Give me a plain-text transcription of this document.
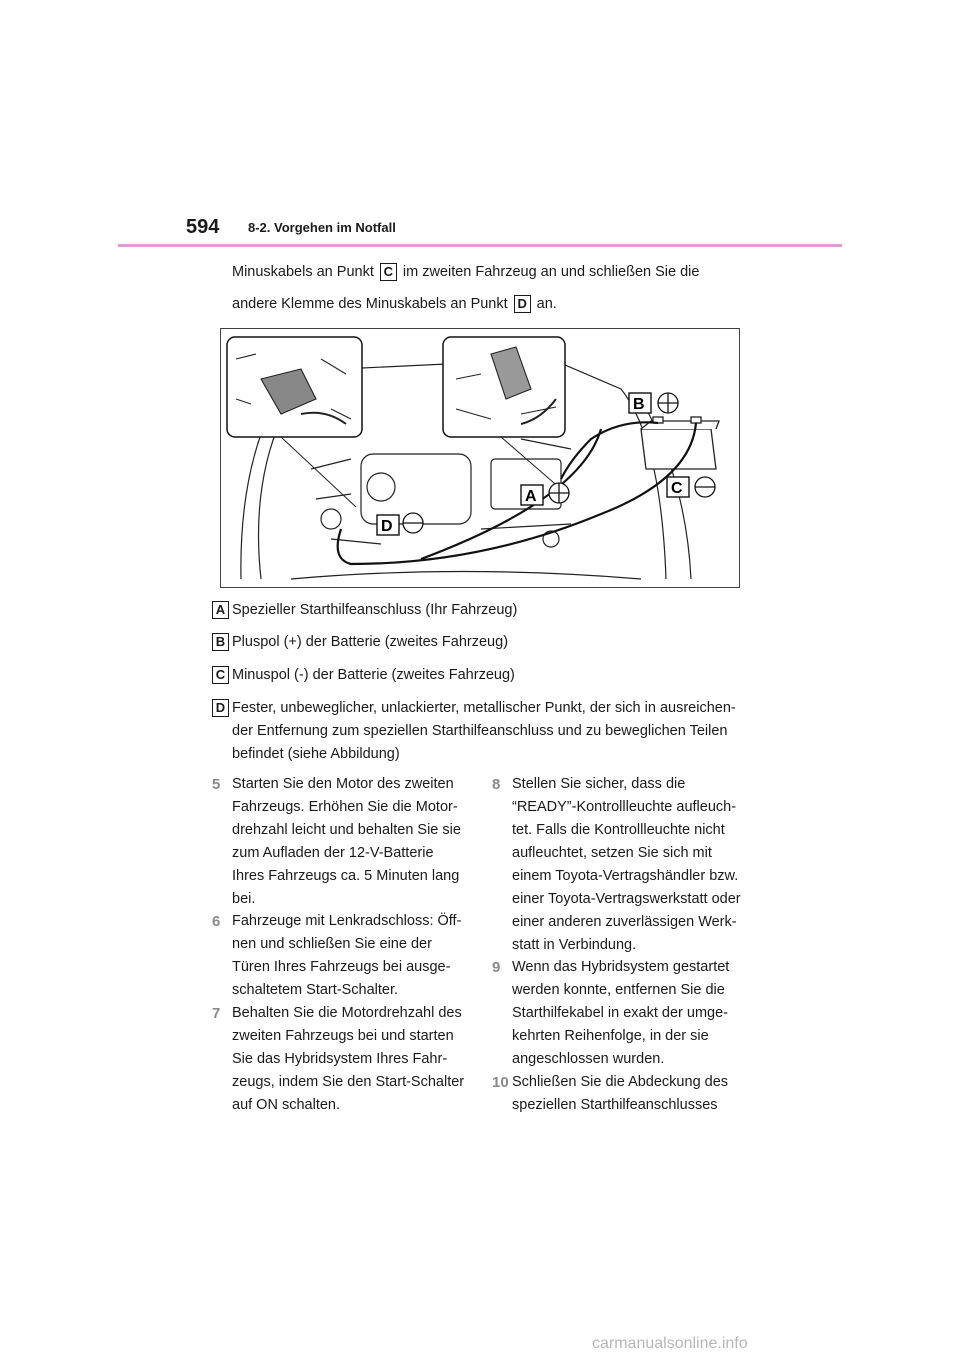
594 8-2. Vorgehen im Notfall
Minuskabels an Punkt C im zweiten Fahrzeug an und schließen Sie die
andere Klemme des Minuskabels an Punkt D an.
B
C
A
D
A Spezieller Starthilfeanschluss (Ihr Fahrzeug)
B Pluspol (+) der Batterie (zweites Fahrzeug)
C Minuspol (-) der Batterie (zweites Fahrzeug)
D Fester, unbeweglicher, unlackierter, metallischer Punkt, der sich in ausreichen-
der Entfernung zum speziellen Starthilfeanschluss und zu beweglichen Teilen
befindet (siehe Abbildung)
5 Starten Sie den Motor des zweiten
Fahrzeugs. Erhöhen Sie die Motor-
drehzahl leicht und behalten Sie sie
zum Aufladen der 12-V-Batterie
Ihres Fahrzeugs ca. 5 Minuten lang
bei.
6 Fahrzeuge mit Lenkradschloss: Öff-
nen und schließen Sie eine der
Türen Ihres Fahrzeugs bei ausge-
schaltetem Start-Schalter.
7 Behalten Sie die Motordrehzahl des
zweiten Fahrzeugs bei und starten
Sie das Hybridsystem Ihres Fahr-
zeugs, indem Sie den Start-Schalter
auf ON schalten.
8 Stellen Sie sicher, dass die
“READY”-Kontrollleuchte aufleuch-
tet. Falls die Kontrollleuchte nicht
aufleuchtet, setzen Sie sich mit
einem Toyota-Vertragshändler bzw.
einer Toyota-Vertragswerkstatt oder
einer anderen zuverlässigen Werk-
statt in Verbindung.
9 Wenn das Hybridsystem gestartet
werden konnte, entfernen Sie die
Starthilfekabel in exakt der umge-
kehrten Reihenfolge, in der sie
angeschlossen wurden.
10 Schließen Sie die Abdeckung des
speziellen Starthilfeanschlusses
carmanualsonline.info
